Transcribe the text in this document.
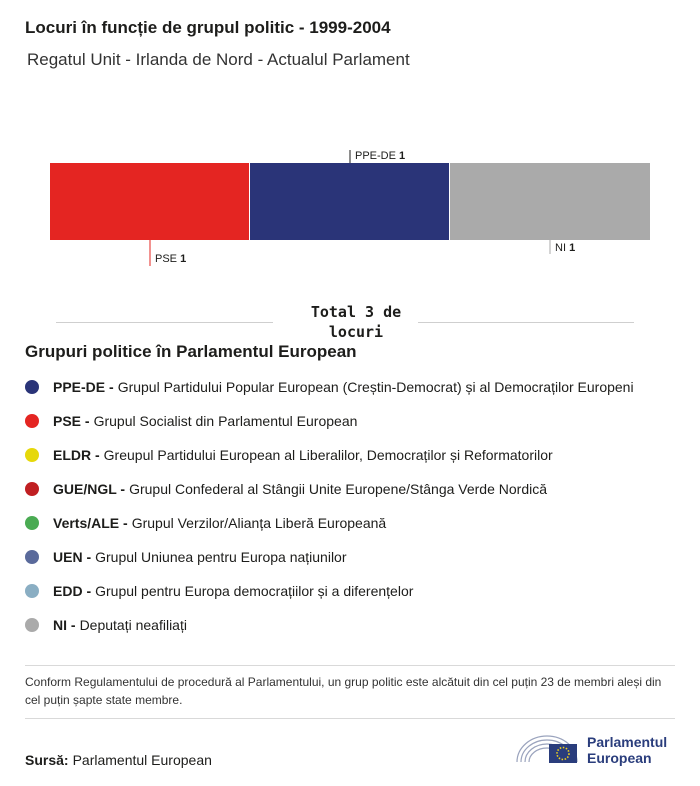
Locuri în funcție de grupul politic - 1999-2004
Regatul Unit - Irlanda de Nord - Actualul Parlament
PSE 1
PPE-DE 1
NI 1
Total 3 de locuri
Grupuri politice în Parlamentul European
PPE-DE - Grupul Partidului Popular European (Creștin-Democrat) și al Democraților Europeni
PSE - Grupul Socialist din Parlamentul European
ELDR - Greupul Partidului European al Liberalilor, Democraților și Reformatorilor
GUE/NGL - Grupul Confederal al Stângii Unite Europene/Stânga Verde Nordică
Verts/ALE - Grupul Verzilor/Alianța Liberă Europeană
UEN - Grupul Uniunea pentru Europa națiunilor
EDD - Grupul pentru Europa democrațiilor și a diferențelor
NI - Deputați neafiliați
Conform Regulamentului de procedură al Parlamentului, un grup politic este alcătuit din cel puțin 23 de membri aleși din cel puțin șapte state membre.
Sursă: Parlamentul European
Parlamentul
European
